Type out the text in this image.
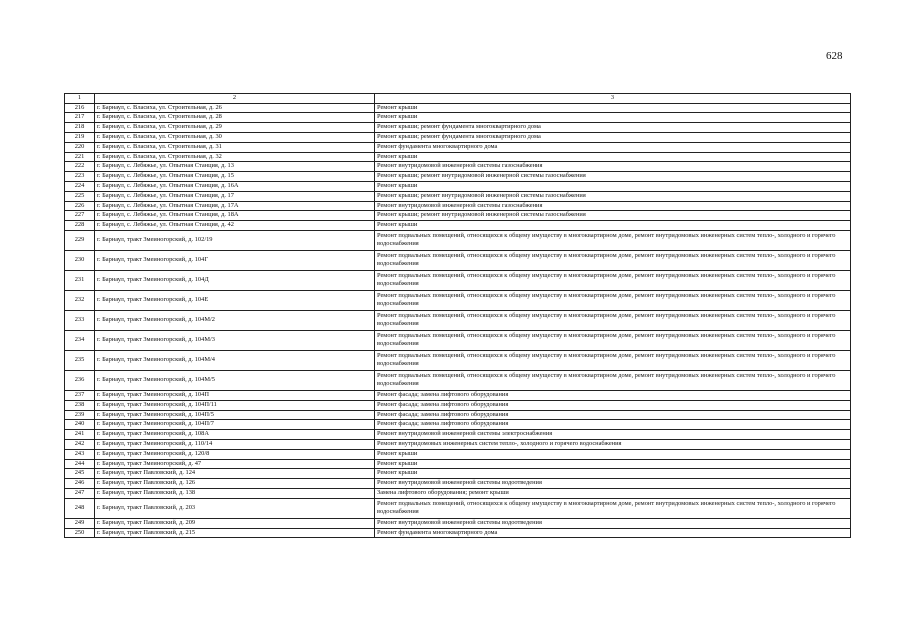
628
1	2	3
216	г. Барнаул, с. Власиха, ул. Строительная, д. 26	Ремонт крыши
217	г. Барнаул, с. Власиха, ул. Строительная, д. 28	Ремонт крыши
218	г. Барнаул, с. Власиха, ул. Строительная, д. 29	Ремонт крыши; ремонт фундамента многоквартирного дома
219	г. Барнаул, с. Власиха, ул. Строительная, д. 30	Ремонт крыши; ремонт фундамента многоквартирного дома
220	г. Барнаул, с. Власиха, ул. Строительная, д. 31	Ремонт фундамента многоквартирного дома
221	г. Барнаул, с. Власиха, ул. Строительная, д. 32	Ремонт крыши
222	г. Барнаул, с. Лебяжье, ул. Опытная Станция, д. 13	Ремонт внутридомовой инженерной системы газоснабжения
223	г. Барнаул, с. Лебяжье, ул. Опытная Станция, д. 15	Ремонт крыши; ремонт внутридомовой инженерной системы газоснабжения
224	г. Барнаул, с. Лебяжье, ул. Опытная Станция, д. 16А	Ремонт крыши
225	г. Барнаул, с. Лебяжье, ул. Опытная Станция, д. 17	Ремонт крыши; ремонт внутридомовой инженерной системы газоснабжения
226	г. Барнаул, с. Лебяжье, ул. Опытная Станция, д. 17А	Ремонт внутридомовой инженерной системы газоснабжения
227	г. Барнаул, с. Лебяжье, ул. Опытная Станция, д. 18А	Ремонт крыши; ремонт внутридомовой инженерной системы газоснабжения
228	г. Барнаул, с. Лебяжье, ул. Опытная Станция, д. 42	Ремонт крыши
229	г. Барнаул, тракт Змеиногорский, д. 102/19	Ремонт подвальных помещений, относящихся к общему имуществу в многоквартирном доме, ремонт внутридомовых инженерных систем тепло-, холодного и горячего водоснабжения
230	г. Барнаул, тракт Змеиногорский, д. 104Г	Ремонт подвальных помещений, относящихся к общему имуществу в многоквартирном доме, ремонт внутридомовых инженерных систем тепло-, холодного и горячего водоснабжения
231	г. Барнаул, тракт Змеиногорский, д. 104Д	Ремонт подвальных помещений, относящихся к общему имуществу в многоквартирном доме, ремонт внутридомовых инженерных систем тепло-, холодного и горячего водоснабжения
232	г. Барнаул, тракт Змеиногорский, д. 104Е	Ремонт подвальных помещений, относящихся к общему имуществу в многоквартирном доме, ремонт внутридомовых инженерных систем тепло-, холодного и горячего водоснабжения
233	г. Барнаул, тракт Змеиногорский, д. 104М/2	Ремонт подвальных помещений, относящихся к общему имуществу в многоквартирном доме, ремонт внутридомовых инженерных систем тепло-, холодного и горячего водоснабжения
234	г. Барнаул, тракт Змеиногорский, д. 104М/3	Ремонт подвальных помещений, относящихся к общему имуществу в многоквартирном доме, ремонт внутридомовых инженерных систем тепло-, холодного и горячего водоснабжения
235	г. Барнаул, тракт Змеиногорский, д. 104М/4	Ремонт подвальных помещений, относящихся к общему имуществу в многоквартирном доме, ремонт внутридомовых инженерных систем тепло-, холодного и горячего водоснабжения
236	г. Барнаул, тракт Змеиногорский, д. 104М/5	Ремонт подвальных помещений, относящихся к общему имуществу в многоквартирном доме, ремонт внутридомовых инженерных систем тепло-, холодного и горячего водоснабжения
237	г. Барнаул, тракт Змеиногорский, д. 104П	Ремонт фасада; замена лифтового оборудования
238	г. Барнаул, тракт Змеиногорский, д. 104П/11	Ремонт фасада; замена лифтового оборудования
239	г. Барнаул, тракт Змеиногорский, д. 104П/5	Ремонт фасада; замена лифтового оборудования
240	г. Барнаул, тракт Змеиногорский, д. 104П/7	Ремонт фасада; замена лифтового оборудования
241	г. Барнаул, тракт Змеиногорский, д. 108А	Ремонт внутридомовой инженерной системы электроснабжения
242	г. Барнаул, тракт Змеиногорский, д. 110/14	Ремонт внутридомовых инженерных систем тепло-, холодного и горячего водоснабжения
243	г. Барнаул, тракт Змеиногорский, д. 120/8	Ремонт крыши
244	г. Барнаул, тракт Змеиногорский, д. 47	Ремонт крыши
245	г. Барнаул, тракт Павловский, д. 124	Ремонт крыши
246	г. Барнаул, тракт Павловский, д. 126	Ремонт внутридомовой инженерной системы водоотведения
247	г. Барнаул, тракт Павловский, д. 138	Замена лифтового оборудования; ремонт крыши
248	г. Барнаул, тракт Павловский, д. 203	Ремонт подвальных помещений, относящихся к общему имуществу в многоквартирном доме, ремонт внутридомовых инженерных систем тепло-, холодного и горячего водоснабжения
249	г. Барнаул, тракт Павловский, д. 209	Ремонт внутридомовой инженерной системы водоотведения
250	г. Барнаул, тракт Павловский, д. 215	Ремонт фундамента многоквартирного дома
